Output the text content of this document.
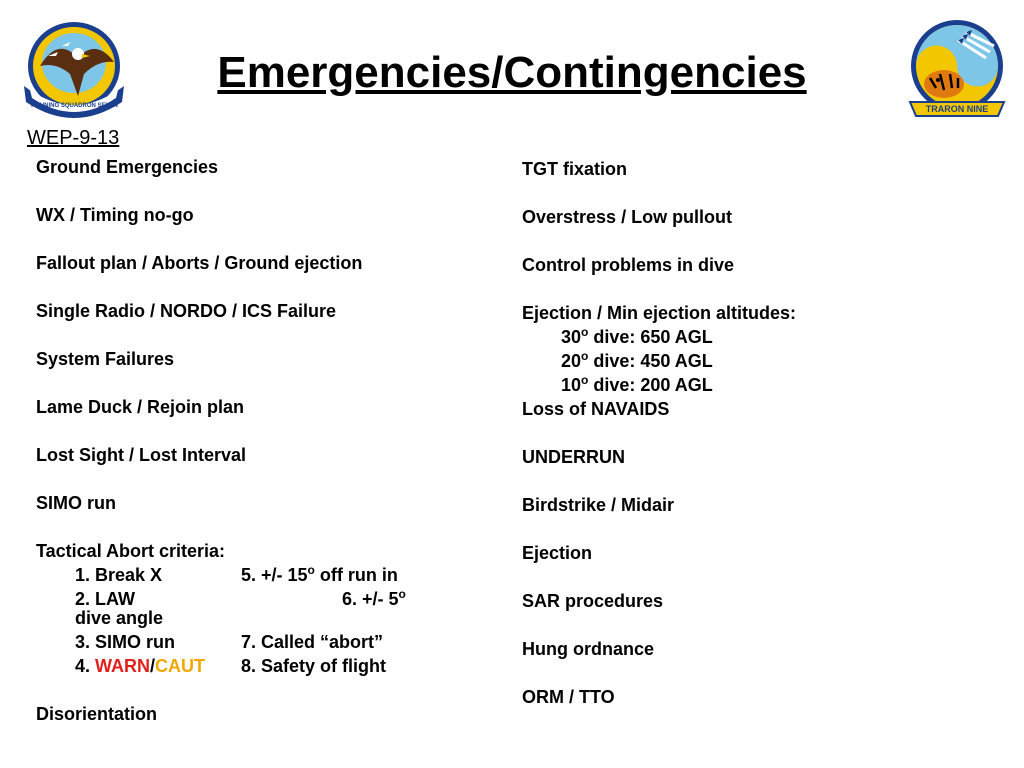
TRAINING SQUADRON SEVEN	TRARON NINE
Emergencies/Contingencies
WEP-9-13
Ground Emergencies
WX / Timing no-go
Fallout plan / Aborts / Ground ejection
Single Radio / NORDO / ICS Failure
System Failures
Lame Duck / Rejoin plan
Lost Sight / Lost Interval
SIMO run
Tactical Abort criteria:
1. Break X	5. +/- 15$^o$ off run in
2. LAW	6. +/- 5$^o$
dive angle
3. SIMO run	7. Called “abort”
4. WARN/CAUT 8. Safety of flight
Disorientation
TGT fixation
Overstress / Low pullout
Control problems in dive
Ejection / Min ejection altitudes:
30$^o$ dive: 650 AGL
20$^o$ dive: 450 AGL
10$^o$ dive: 200 AGL
Loss of NAVAIDS
UNDERRUN
Birdstrike / Midair
Ejection
SAR procedures
Hung ordnance
ORM / TTO
